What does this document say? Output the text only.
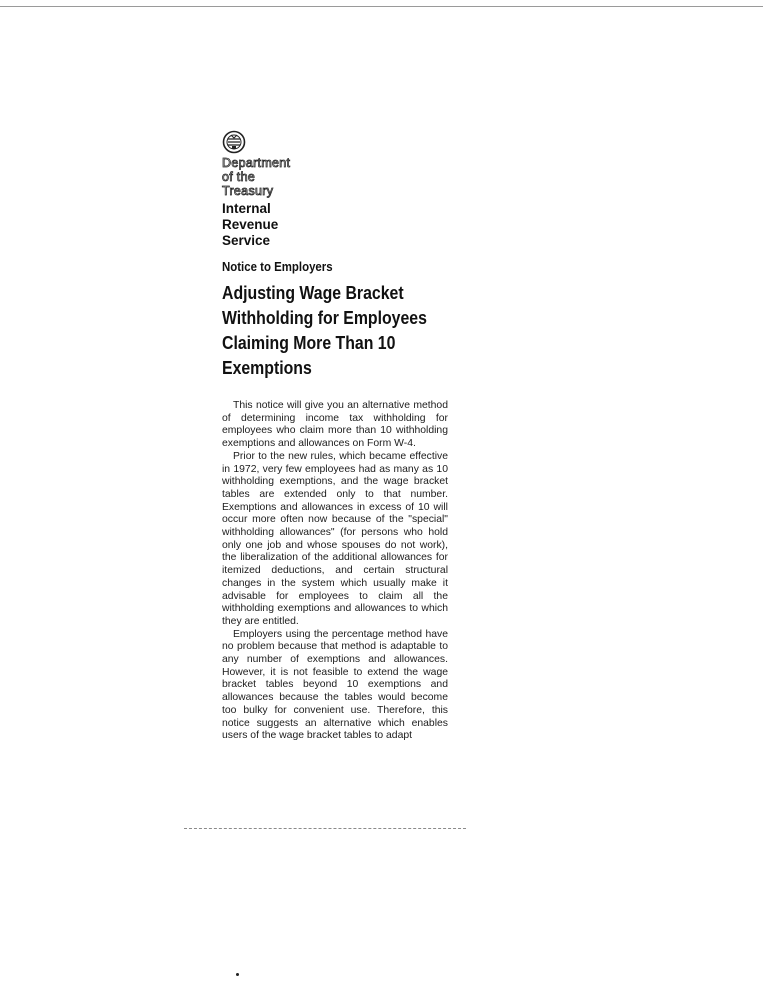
Department
of the
Treasury
Internal
Revenue
Service
Notice to Employers
Adjusting Wage Bracket
Withholding for Employees
Claiming More Than 10
Exemptions

This notice will give you an alternative method of determining income tax withholding for employees who claim more than 10 withholding exemptions and allowances on Form W-4.

Prior to the new rules, which became effective in 1972, very few employees had as many as 10 withholding exemptions, and the wage bracket tables are extended only to that number. Exemptions and allowances in excess of 10 will occur more often now because of the "special" withholding allowances" (for persons who hold only one job and whose spouses do not work), the liberalization of the additional allowances for itemized deductions, and certain structural changes in the system which usually make it advisable for employees to claim all the withholding exemptions and allowances to which they are entitled.

Employers using the percentage method have no problem because that method is adaptable to any number of exemptions and allowances. However, it is not feasible to extend the wage bracket tables beyond 10 exemptions and allowances because the tables would become too bulky for convenient use. Therefore, this notice suggests an alternative which enables users of the wage bracket tables to adapt
